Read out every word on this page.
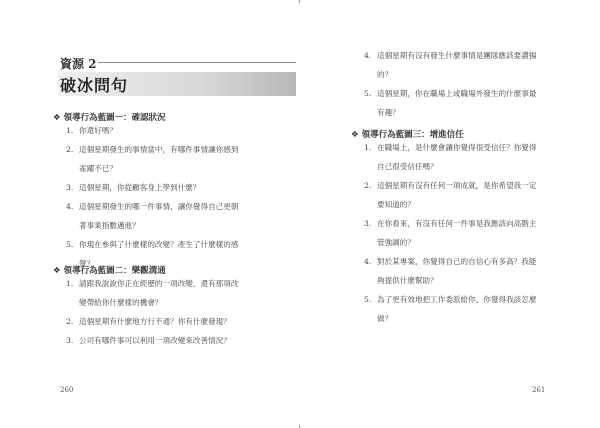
資源 2
破冰問句
❖ 領導行為藍圖一：確認狀況
1. 你還好嗎？
2. 這個星期發生的事情當中，有哪件事情讓你感到
雀躍不已？
3. 這個星期，你從顧客身上學到什麼？
4. 這個星期發生的哪一件事情，讓你覺得自己更朝
著事業指數邁進？
5. 你現在參與了什麼樣的改變？產生了什麼樣的感
覺？
❖ 領導行為藍圖二：樂觀溝通
1. 請跟我說說你正在經歷的一項改變，還有那項改
變帶給你什麼樣的機會？
2. 這個星期有什麼地方行不通？你有什麼發現？
3. 公司有哪件事可以利用一項改變來改善情況？
260
4. 這個星期有沒有發生什麼事情是團隊應該要讚揚
的？
5. 這個星期，你在職場上或職場外發生的什麼事最
有趣？
❖ 領導行為藍圖三：增進信任
1. 在職場上，是什麼會讓你覺得很受信任？你覺得
自己很受信任嗎？
2. 這個星期有沒有任何一項成就，是你希望我一定
要知道的？
3. 在你看來，有沒有任何一件事是我應該向高階主
管強調的？
4. 對於某專案，你覺得自己的自信心有多高？我能
夠提供什麼幫助？
5. 為了更有效地把工作委派給你，你覺得我該怎麼
做？
261
